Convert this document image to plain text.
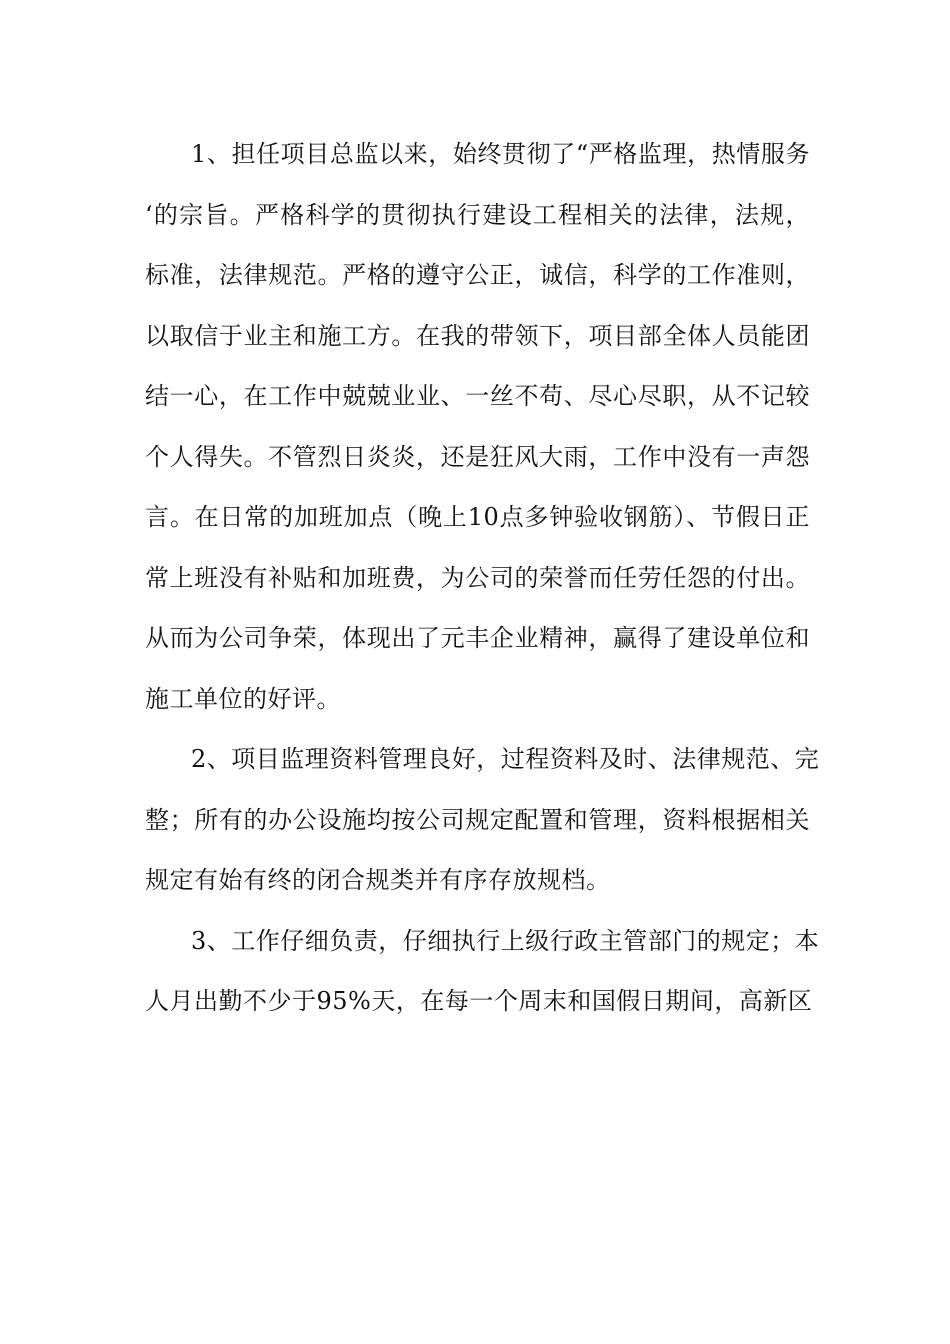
1、担任项目总监以来，始终贯彻了“严格监理，热情服务
‘的宗旨。严格科学的贯彻执行建设工程相关的法律，法规，
标准，法律规范。严格的遵守公正，诚信，科学的工作准则，
以取信于业主和施工方。在我的带领下，项目部全体人员能团
结一心，在工作中兢兢业业、一丝不苟、尽心尽职，从不记较
个人得失。不管烈日炎炎，还是狂风大雨，工作中没有一声怨
言。在日常的加班加点（晚上10点多钟验收钢筋）、节假日正
常上班没有补贴和加班费，为公司的荣誉而任劳任怨的付出。
从而为公司争荣，体现出了元丰企业精神，赢得了建设单位和
施工单位的好评。
2、项目监理资料管理良好，过程资料及时、法律规范、完
整；所有的办公设施均按公司规定配置和管理，资料根据相关
规定有始有终的闭合规类并有序存放规档。
3、工作仔细负责，仔细执行上级行政主管部门的规定；本
人月出勤不少于95%天，在每一个周末和国假日期间，高新区
